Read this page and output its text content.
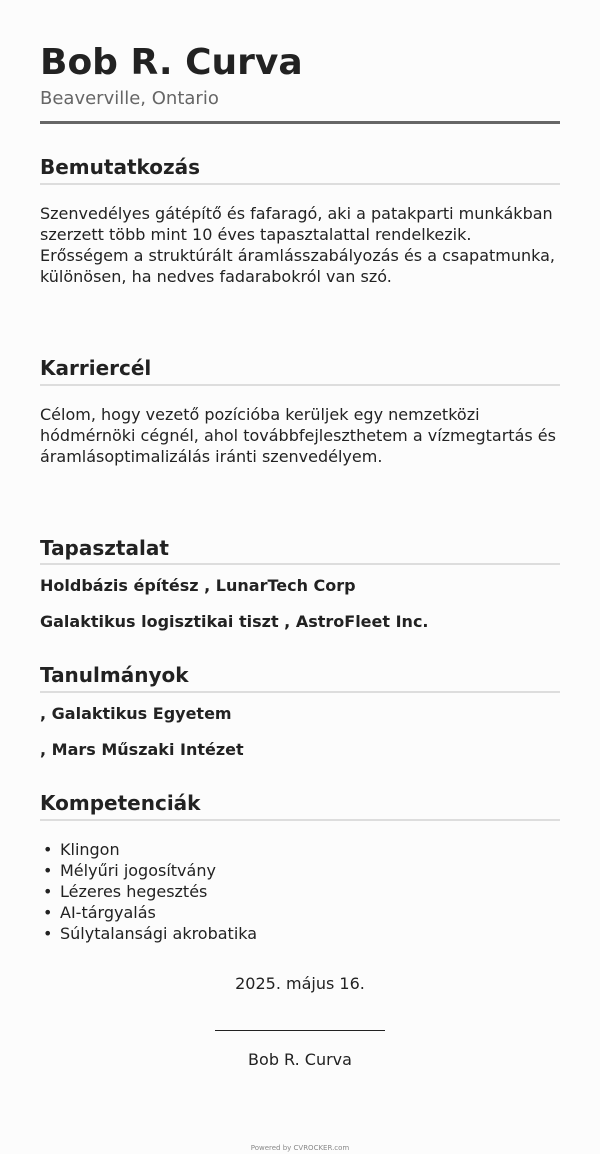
Bob R. Curva
Beaverville, Ontario
Bemutatkozás

Szenvedélyes gátépítő és fafaragó, aki a patakparti munkákban szerzett több mint 10 éves tapasztalattal rendelkezik. Erősségem a struktúrált áramlásszabályozás és a csapatmunka, különösen, ha nedves fadarabokról van szó.

Karriercél

Célom, hogy vezető pozícióba kerüljek egy nemzetközi hódmérnöki cégnél, ahol továbbfejleszthetem a vízmegtartás és áramlásoptimalizálás iránti szenvedélyem.

Tapasztalat
Holdbázis építész , LunarTech Corp
Galaktikus logisztikai tiszt , AstroFleet Inc.
Tanulmányok
, Galaktikus Egyetem
, Mars Műszaki Intézet
Kompetenciák
• Klingon
• Mélyűri jogosítvány
• Lézeres hegesztés
• AI-tárgyalás
• Súlytalansági akrobatika
2025. május 16.
Bob R. Curva
Powered by CVROCKER.com
